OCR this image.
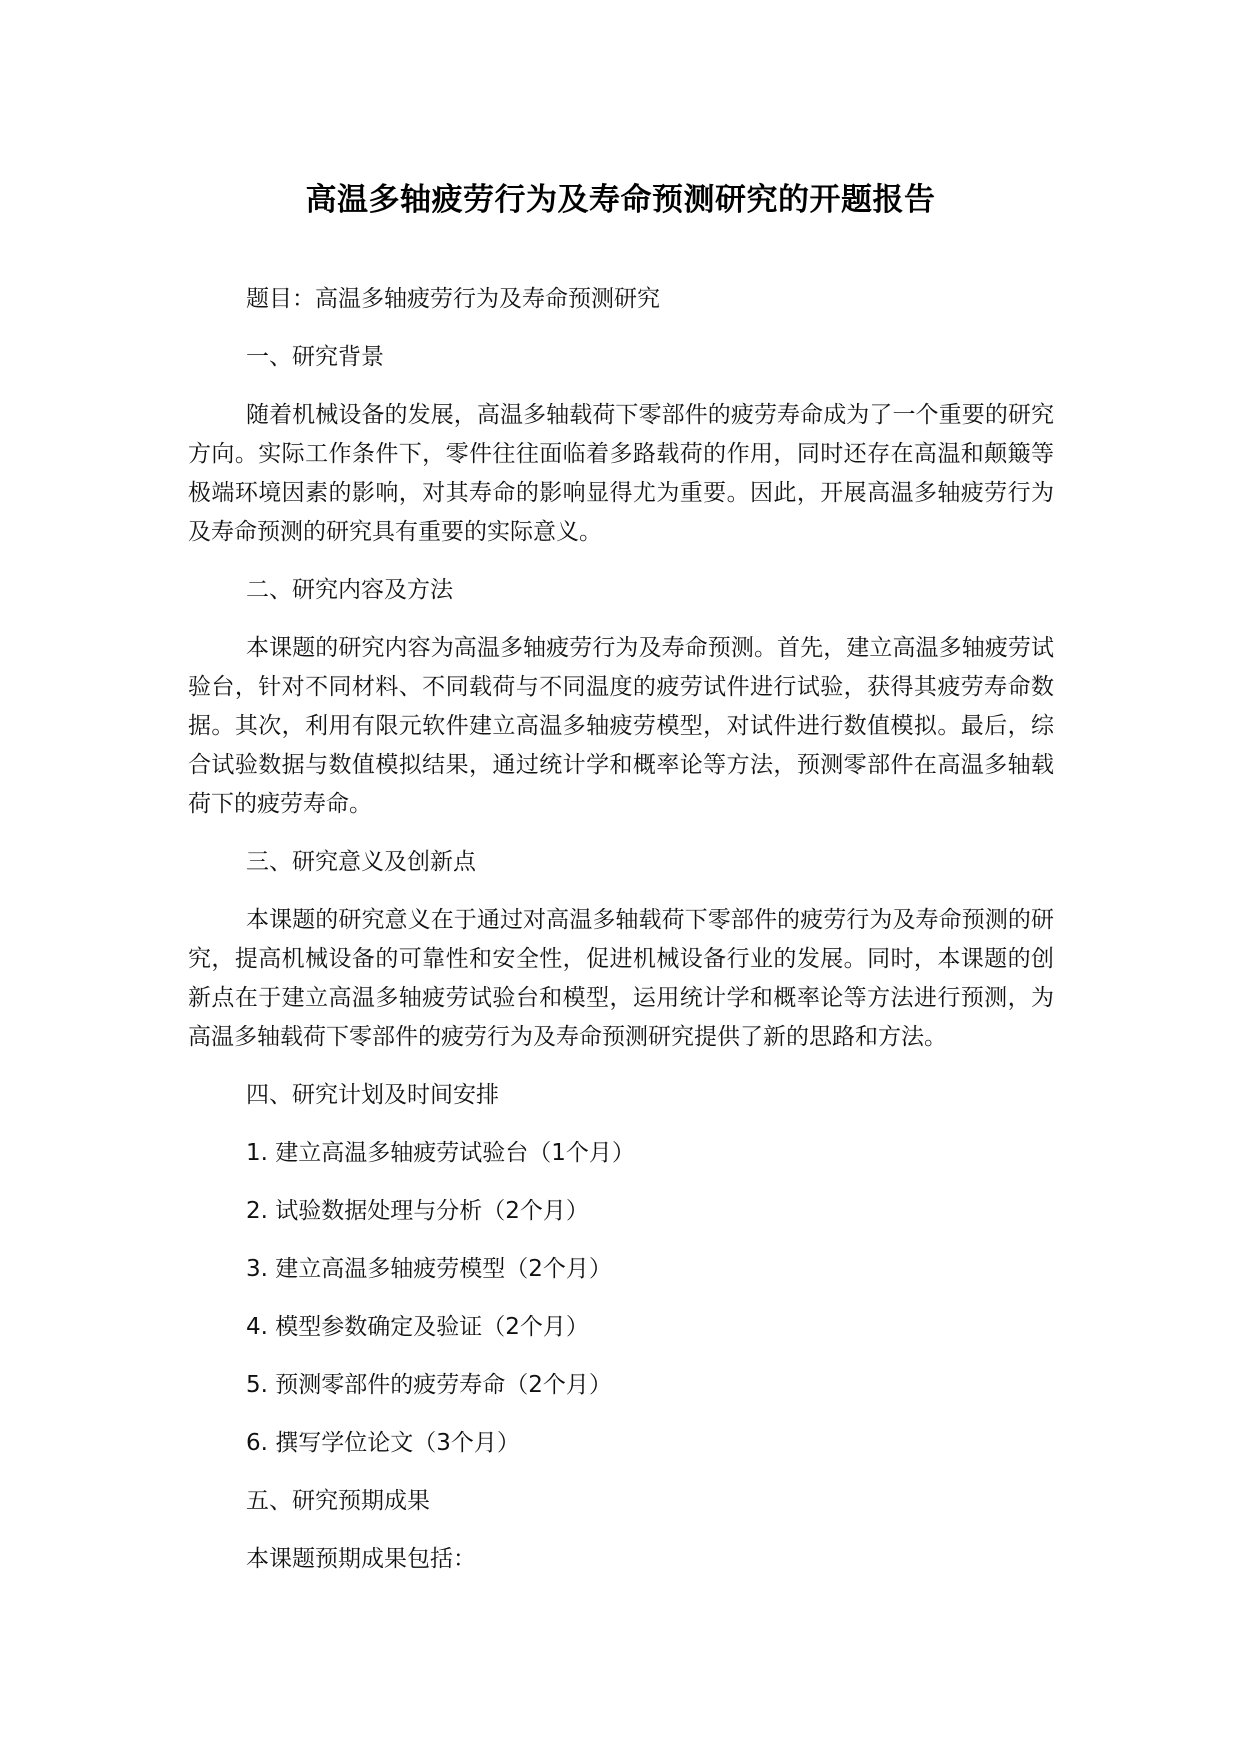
高温多轴疲劳行为及寿命预测研究的开题报告

题目：高温多轴疲劳行为及寿命预测研究

一、研究背景

随着机械设备的发展，高温多轴载荷下零部件的疲劳寿命成为了一个重要的研究方向。实际工作条件下，零件往往面临着多路载荷的作用，同时还存在高温和颠簸等极端环境因素的影响，对其寿命的影响显得尤为重要。因此，开展高温多轴疲劳行为及寿命预测的研究具有重要的实际意义。

二、研究内容及方法

本课题的研究内容为高温多轴疲劳行为及寿命预测。首先，建立高温多轴疲劳试验台，针对不同材料、不同载荷与不同温度的疲劳试件进行试验，获得其疲劳寿命数据。其次，利用有限元软件建立高温多轴疲劳模型，对试件进行数值模拟。最后，综合试验数据与数值模拟结果，通过统计学和概率论等方法，预测零部件在高温多轴载荷下的疲劳寿命。

三、研究意义及创新点

本课题的研究意义在于通过对高温多轴载荷下零部件的疲劳行为及寿命预测的研究，提高机械设备的可靠性和安全性，促进机械设备行业的发展。同时，本课题的创新点在于建立高温多轴疲劳试验台和模型，运用统计学和概率论等方法进行预测，为高温多轴载荷下零部件的疲劳行为及寿命预测研究提供了新的思路和方法。

四、研究计划及时间安排

1. 建立高温多轴疲劳试验台（1个月）

2. 试验数据处理与分析（2个月）

3. 建立高温多轴疲劳模型（2个月）

4. 模型参数确定及验证（2个月）

5. 预测零部件的疲劳寿命（2个月）

6. 撰写学位论文（3个月）

五、研究预期成果

本课题预期成果包括：
